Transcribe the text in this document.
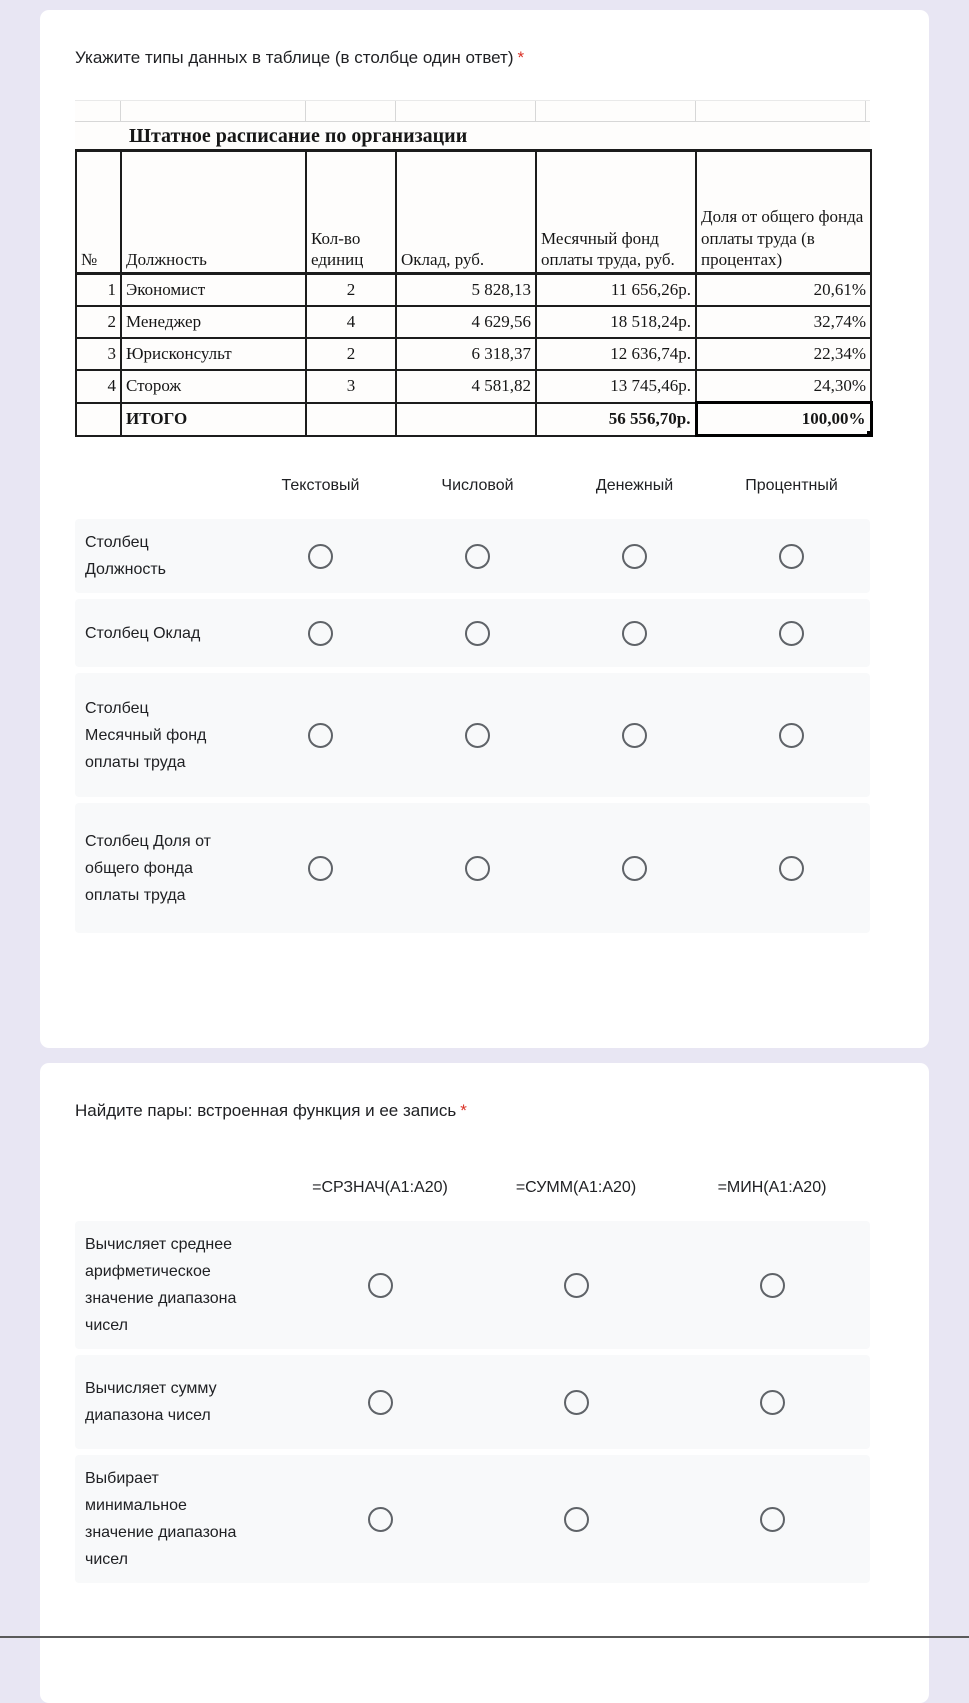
Укажите типы данных в таблице (в столбце один ответ) *
Штатное расписание по организации
№	Должность	Кол-во единиц	Оклад, руб.	Месячный фонд оплаты труда, руб.	Доля от общего фонда оплаты труда (в процентах)
1	Экономист	2	5 828,13	11 656,26р.	20,61%
2	Менеджер	4	4 629,56	18 518,24р.	32,74%
3	Юрисконсульт	2	6 318,37	12 636,74р.	22,34%
4	Сторож	3	4 581,82	13 745,46р.	24,30%
	ИТОГО			56 556,70р.	100,00%
Текстовый	Числовой	Денежный	Процентный
Столбец Должность
Столбец Оклад
Столбец Месячный фонд оплаты труда
Столбец Доля от общего фонда оплаты труда
Найдите пары: встроенная функция и ее запись *
=СРЗНАЧ(A1:A20)	=СУММ(A1:A20)	=МИН(A1:A20)
Вычисляет среднее арифметическое значение диапазона чисел
Вычисляет сумму диапазона чисел
Выбирает минимальное значение диапазона чисел
